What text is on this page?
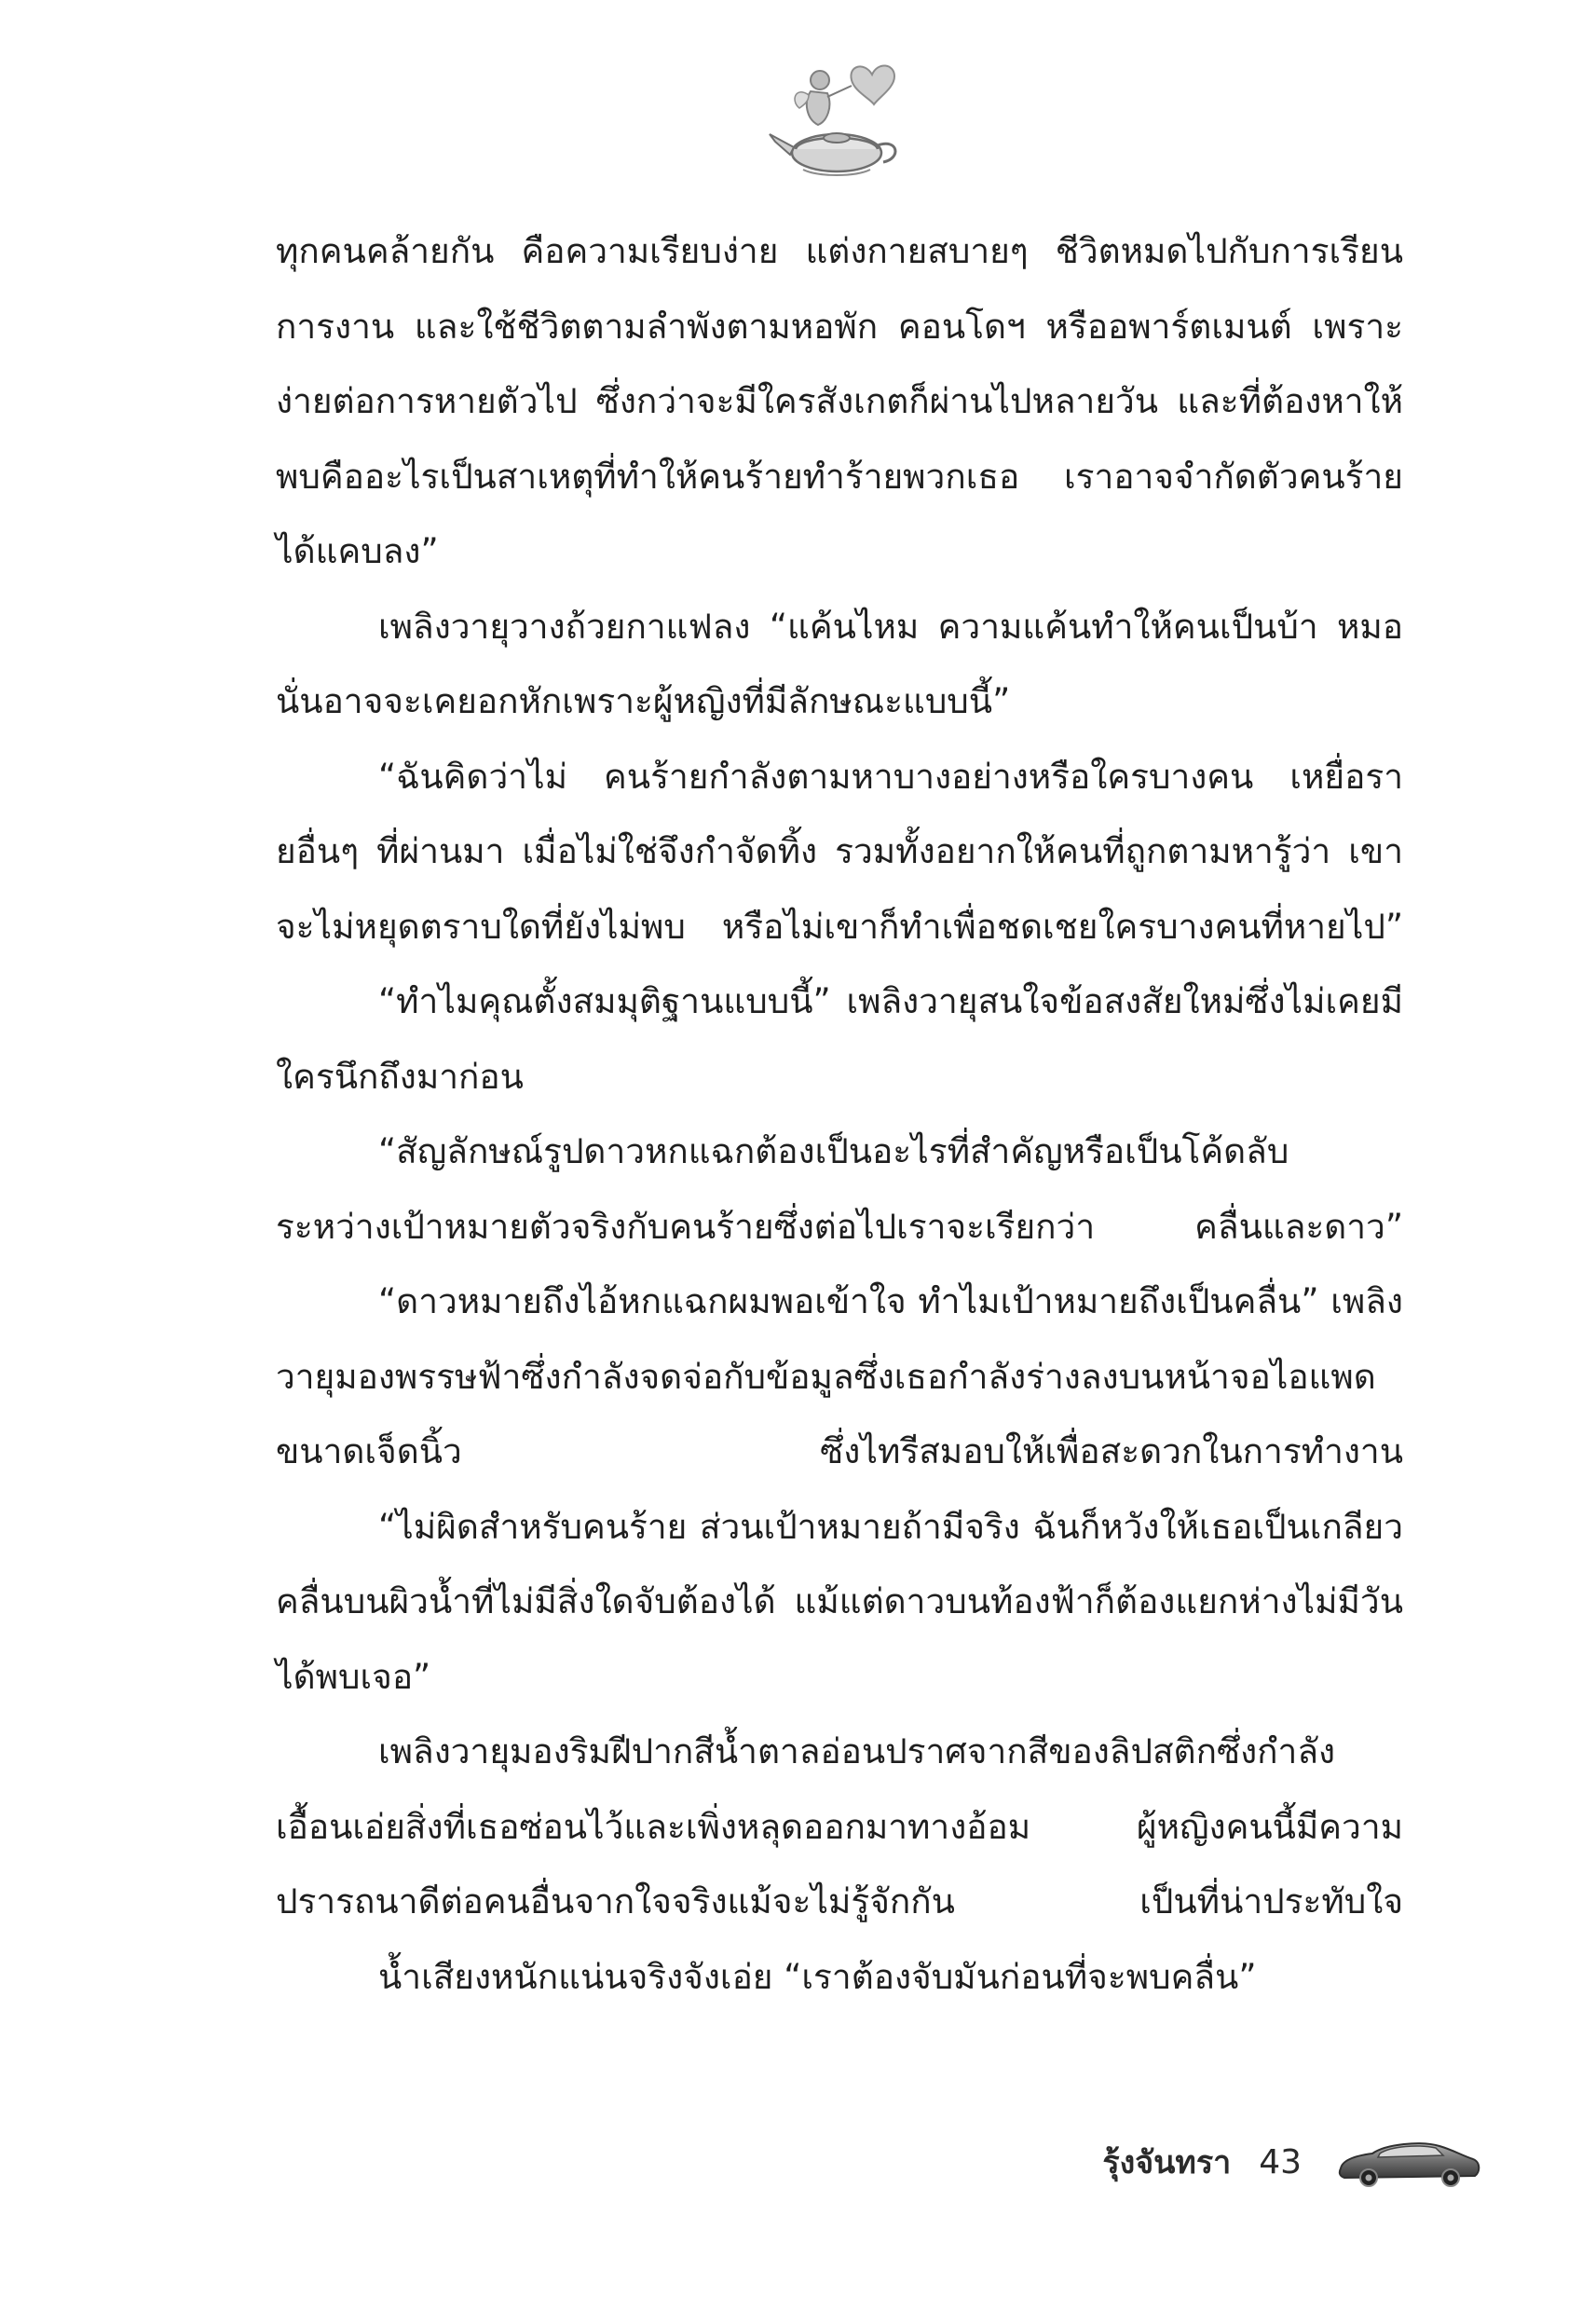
ทุกคนคล้ายกัน คือความเรียบง่าย แต่งกายสบายๆ ชีวิตหมดไปกับการเรียนการงาน และใช้ชีวิตตามลำพังตามหอพัก คอนโดฯ หรืออพาร์ตเมนต์ เพราะง่ายต่อการหายตัวไป ซึ่งกว่าจะมีใครสังเกตก็ผ่านไปหลายวัน และที่ต้องหาให้พบคืออะไรเป็นสาเหตุที่ทำให้คนร้ายทำร้ายพวกเธอ เราอาจจำกัดตัวคนร้ายได้แคบลง”

เพลิงวายุวางถ้วยกาแฟลง “แค้นไหม ความแค้นทำให้คนเป็นบ้า หมอนั่นอาจจะเคยอกหักเพราะผู้หญิงที่มีลักษณะแบบนี้”

“ฉันคิดว่าไม่ คนร้ายกำลังตามหาบางอย่างหรือใครบางคน เหยื่อรายอื่นๆ ที่ผ่านมา เมื่อไม่ใช่จึงกำจัดทิ้ง รวมทั้งอยากให้คนที่ถูกตามหารู้ว่า เขาจะไม่หยุดตราบใดที่ยังไม่พบ หรือไม่เขาก็ทำเพื่อชดเชยใครบางคนที่หายไป”

“ทำไมคุณตั้งสมมุติฐานแบบนี้” เพลิงวายุสนใจข้อสงสัยใหม่ซึ่งไม่เคยมีใครนึกถึงมาก่อน

“สัญลักษณ์รูปดาวหกแฉกต้องเป็นอะไรที่สำคัญหรือเป็นโค้ดลับระหว่างเป้าหมายตัวจริงกับคนร้ายซึ่งต่อไปเราจะเรียกว่า คลื่นและดาว”

“ดาวหมายถึงไอ้หกแฉกผมพอเข้าใจ ทำไมเป้าหมายถึงเป็นคลื่น” เพลิงวายุมองพรรษฟ้าซึ่งกำลังจดจ่อกับข้อมูลซึ่งเธอกำลังร่างลงบนหน้าจอไอแพดขนาดเจ็ดนิ้ว ซึ่งไทรีสมอบให้เพื่อสะดวกในการทำงาน

“ไม่ผิดสำหรับคนร้าย ส่วนเป้าหมายถ้ามีจริง ฉันก็หวังให้เธอเป็นเกลียวคลื่นบนผิวน้ำที่ไม่มีสิ่งใดจับต้องได้ แม้แต่ดาวบนท้องฟ้าก็ต้องแยกห่างไม่มีวันได้พบเจอ”

เพลิงวายุมองริมฝีปากสีน้ำตาลอ่อนปราศจากสีของลิปสติกซึ่งกำลังเอื้อนเอ่ยสิ่งที่เธอซ่อนไว้และเพิ่งหลุดออกมาทางอ้อม ผู้หญิงคนนี้มีความปรารถนาดีต่อคนอื่นจากใจจริงแม้จะไม่รู้จักกัน เป็นที่น่าประทับใจ

น้ำเสียงหนักแน่นจริงจังเอ่ย “เราต้องจับมันก่อนที่จะพบคลื่น”

รุ้งจันทรา 43
